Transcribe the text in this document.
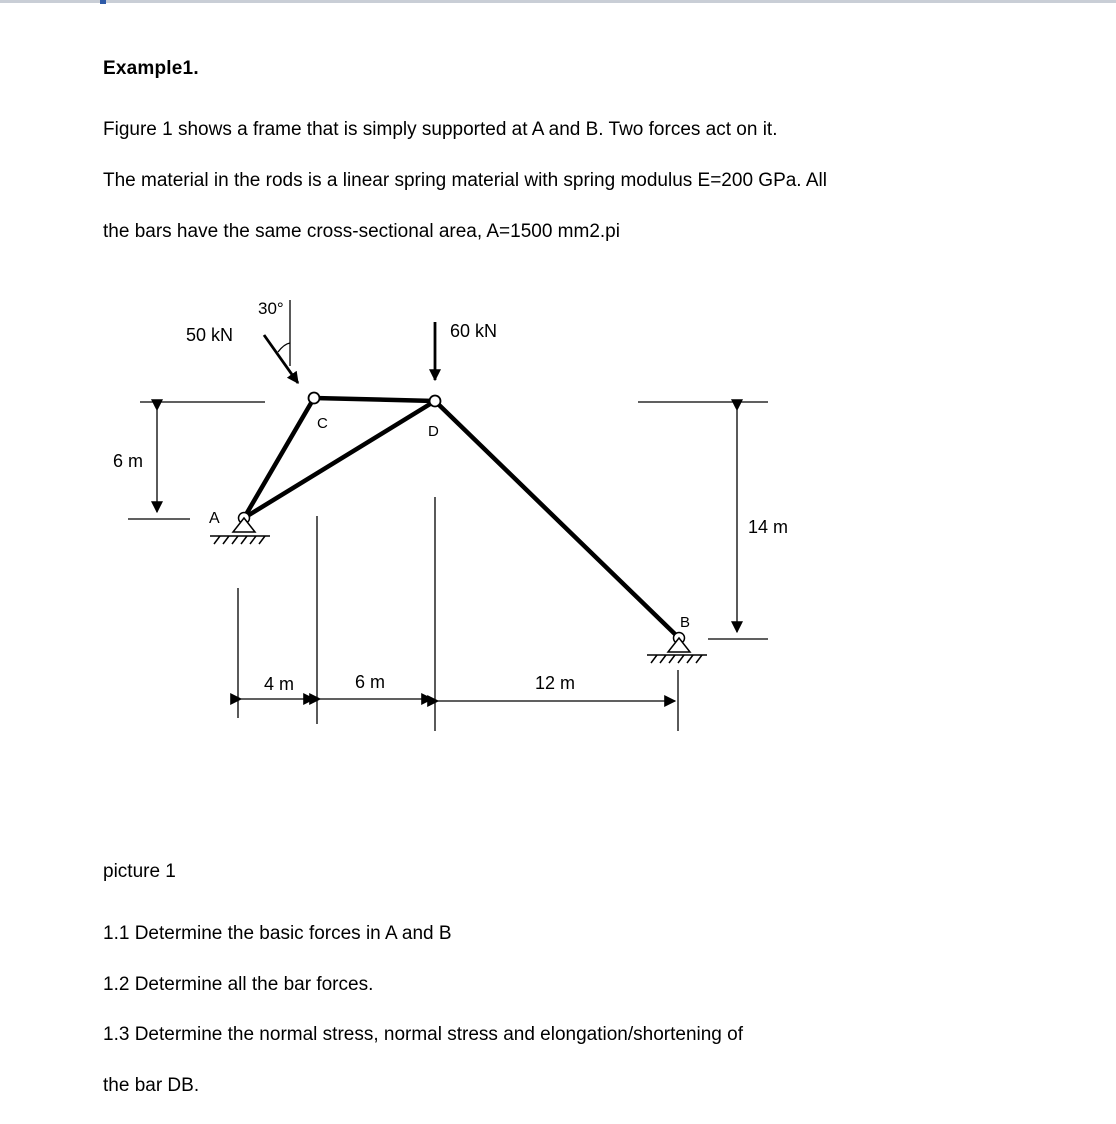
Example1.
Figure 1 shows a frame that is simply supported at A and B. Two forces act on it.
The material in the rods is a linear spring material with spring modulus E=200 GPa. All
the bars have the same cross-sectional area, A=1500 mm2.pi
A
C	D
B
50 kN
30°
60 kN
6 m
14 m
4 m	6 m	12 m
picture 1
1.1 Determine the basic forces in A and B
1.2 Determine all the bar forces.
1.3 Determine the normal stress, normal stress and elongation/shortening of
the bar DB.
